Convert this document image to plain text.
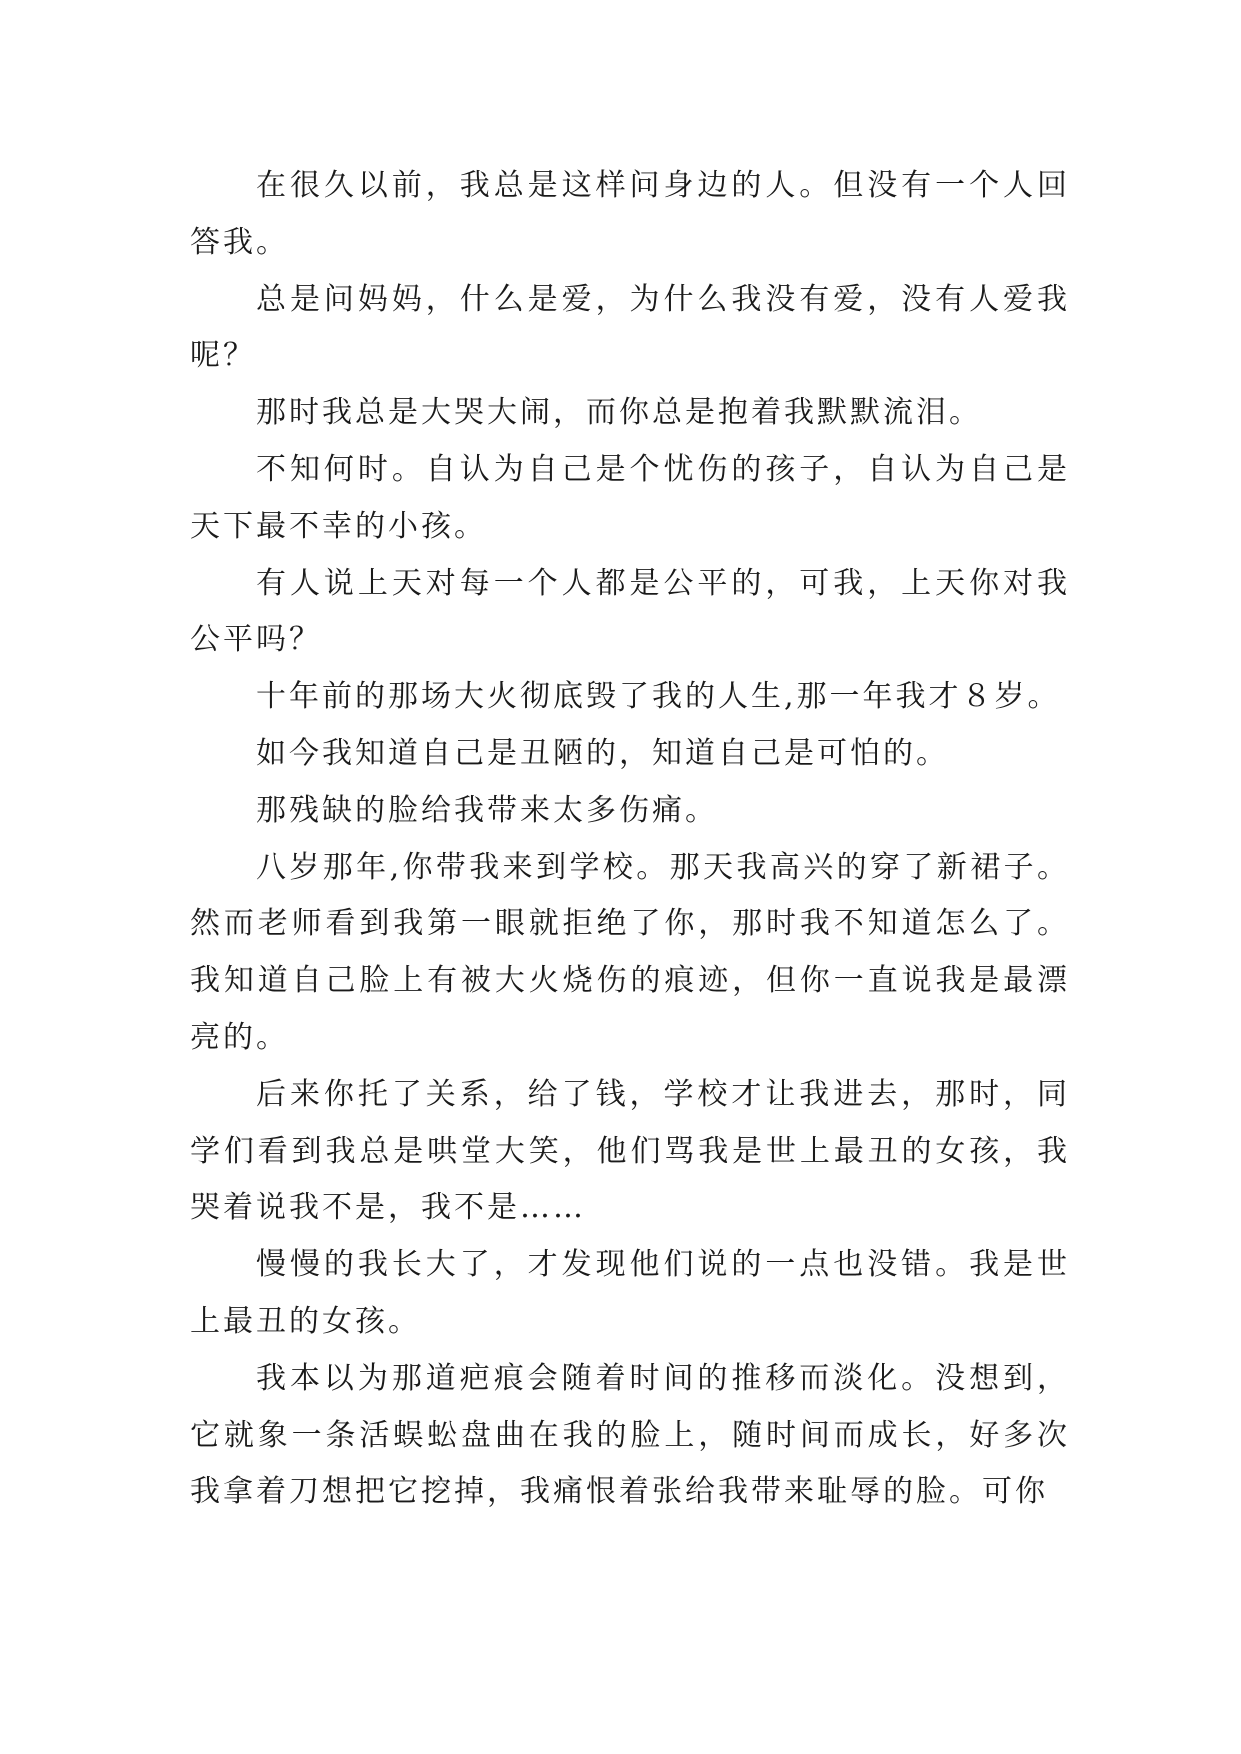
在很久以前，我总是这样问身边的人。但没有一个人回答我。

总是问妈妈，什么是爱，为什么我没有爱，没有人爱我呢？

那时我总是大哭大闹，而你总是抱着我默默流泪。

不知何时。自认为自己是个忧伤的孩子，自认为自己是天下最不幸的小孩。

有人说上天对每一个人都是公平的，可我，上天你对我公平吗？

十年前的那场大火彻底毁了我的人生,那一年我才８岁。

如今我知道自己是丑陋的，知道自己是可怕的。

那残缺的脸给我带来太多伤痛。

八岁那年,你带我来到学校。那天我高兴的穿了新裙子。然而老师看到我第一眼就拒绝了你，那时我不知道怎么了。我知道自己脸上有被大火烧伤的痕迹，但你一直说我是最漂亮的。

后来你托了关系，给了钱，学校才让我进去，那时，同学们看到我总是哄堂大笑，他们骂我是世上最丑的女孩，我哭着说我不是，我不是……

慢慢的我长大了，才发现他们说的一点也没错。我是世上最丑的女孩。

我本以为那道疤痕会随着时间的推移而淡化。没想到，它就象一条活蜈蚣盘曲在我的脸上，随时间而成长，好多次我拿着刀想把它挖掉，我痛恨着张给我带来耻辱的脸。可你
